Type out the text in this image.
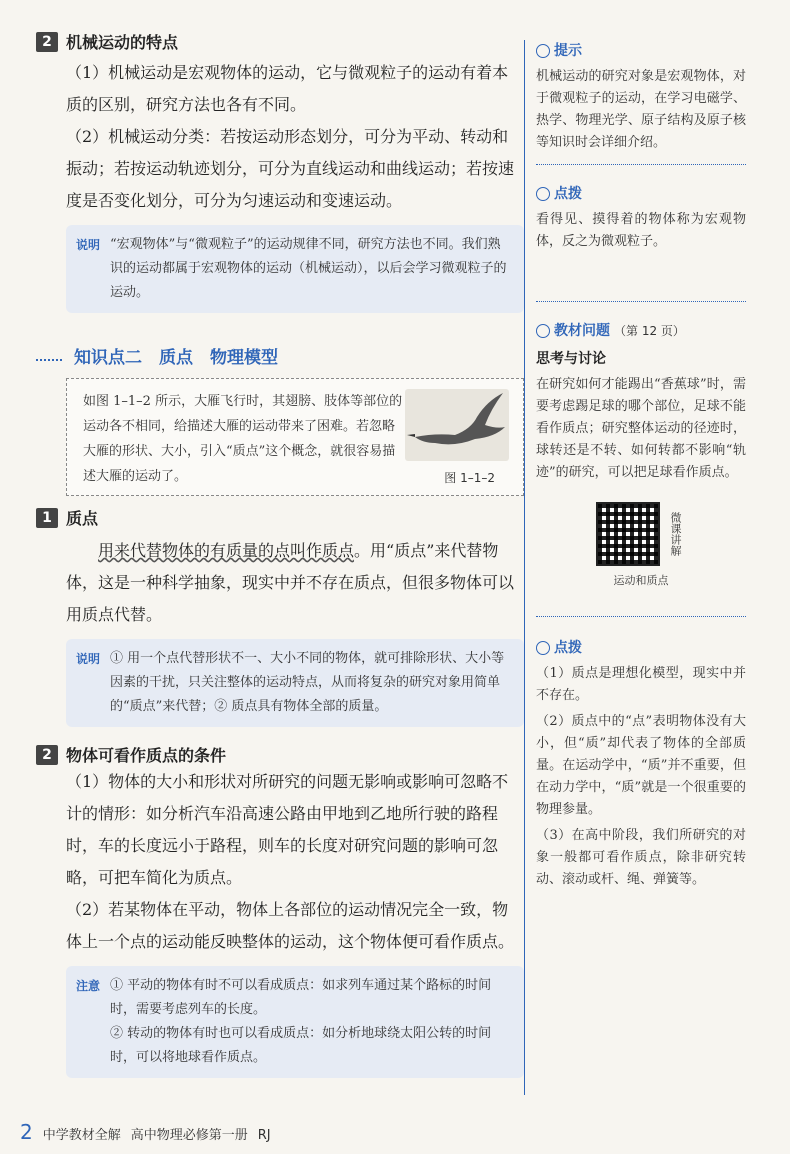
2 机械运动的特点

（1）机械运动是宏观物体的运动，它与微观粒子的运动有着本质的区别，研究方法也各有不同。

（2）机械运动分类：若按运动形态划分，可分为平动、转动和振动；若按运动轨迹划分，可分为直线运动和曲线运动；若按速度是否变化划分，可分为匀速运动和变速运动。

说明 “宏观物体”与“微观粒子”的运动规律不同，研究方法也不同。我们熟识的运动都属于宏观物体的运动（机械运动），以后会学习微观粒子的运动。
知识点二　质点　物理模型

如图 1–1–2 所示，大雁飞行时，其翅膀、肢体等部位的运动各不相同，给描述大雁的运动带来了困难。若忽略大雁的形状、大小，引入“质点”这个概念，就很容易描述大雁的运动了。	图 1–1–2
1 质点

用来代替物体的有质量的点叫作质点。用“质点”来代替物体，这是一种科学抽象，现实中并不存在质点，但很多物体可以用质点代替。

说明 ① 用一个点代替形状不一、大小不同的物体，就可排除形状、大小等因素的干扰，只关注整体的运动特点，从而将复杂的研究对象用简单的“质点”来代替；② 质点具有物体全部的质量。
2 物体可看作质点的条件

（1）物体的大小和形状对所研究的问题无影响或影响可忽略不计的情形：如分析汽车沿高速公路由甲地到乙地所行驶的路程时，车的长度远小于路程，则车的长度对研究问题的影响可忽略，可把车简化为质点。

（2）若某物体在平动，物体上各部位的运动情况完全一致，物体上一个点的运动能反映整体的运动，这个物体便可看作质点。

注意 ① 平动的物体有时不可以看成质点：如求列车通过某个路标的时间时，需要考虑列车的长度。
② 转动的物体有时也可以看成质点：如分析地球绕太阳公转的时间时，可以将地球看作质点。
提示

机械运动的研究对象是宏观物体，对于微观粒子的运动，在学习电磁学、热学、物理光学、原子结构及原子核等知识时会详细介绍。

点拨

看得见、摸得着的物体称为宏观物体，反之为微观粒子。

教材问题 （第 12 页）
思考与讨论

在研究如何才能踢出“香蕉球”时，需要考虑踢足球的哪个部位，足球不能看作质点；研究整体运动的径迹时，球转还是不转、如何转都不影响“轨迹”的研究，可以把足球看作质点。

微课讲解
运动和质点
点拨

（1）质点是理想化模型，现实中并不存在。

（2）质点中的“点”表明物体没有大小，但“质”却代表了物体的全部质量。在运动学中，“质”并不重要，但在动力学中，“质”就是一个很重要的物理参量。

（3）在高中阶段，我们所研究的对象一般都可看作质点，除非研究转动、滚动或杆、绳、弹簧等。

2 中学教材全解 高中物理必修第一册 RJ
